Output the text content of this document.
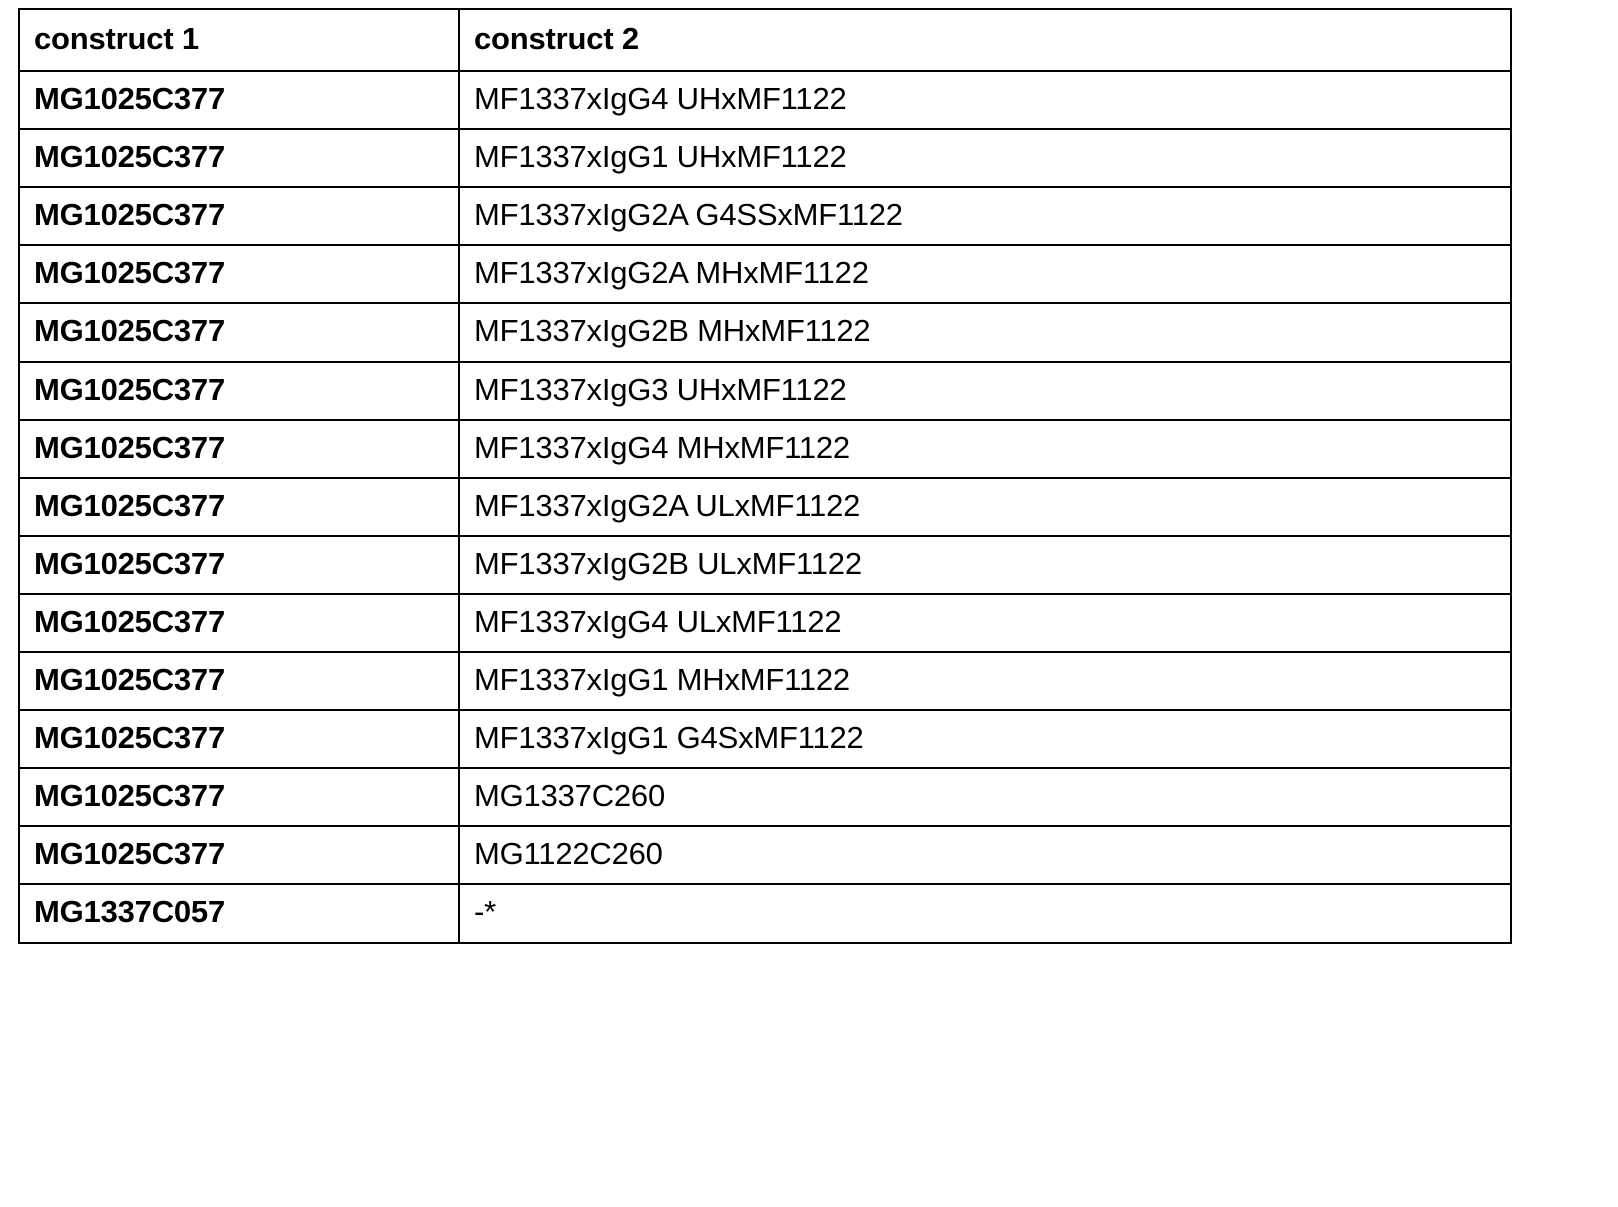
construct 1	construct 2
MG1025C377	MF1337xIgG4 UHxMF1122
MG1025C377	MF1337xIgG1 UHxMF1122
MG1025C377	MF1337xIgG2A G4SSxMF1122
MG1025C377	MF1337xIgG2A MHxMF1122
MG1025C377	MF1337xIgG2B MHxMF1122
MG1025C377	MF1337xIgG3 UHxMF1122
MG1025C377	MF1337xIgG4 MHxMF1122
MG1025C377	MF1337xIgG2A ULxMF1122
MG1025C377	MF1337xIgG2B ULxMF1122
MG1025C377	MF1337xIgG4 ULxMF1122
MG1025C377	MF1337xIgG1 MHxMF1122
MG1025C377	MF1337xIgG1 G4SxMF1122
MG1025C377	MG1337C260
MG1025C377	MG1122C260
MG1337C057	-*
